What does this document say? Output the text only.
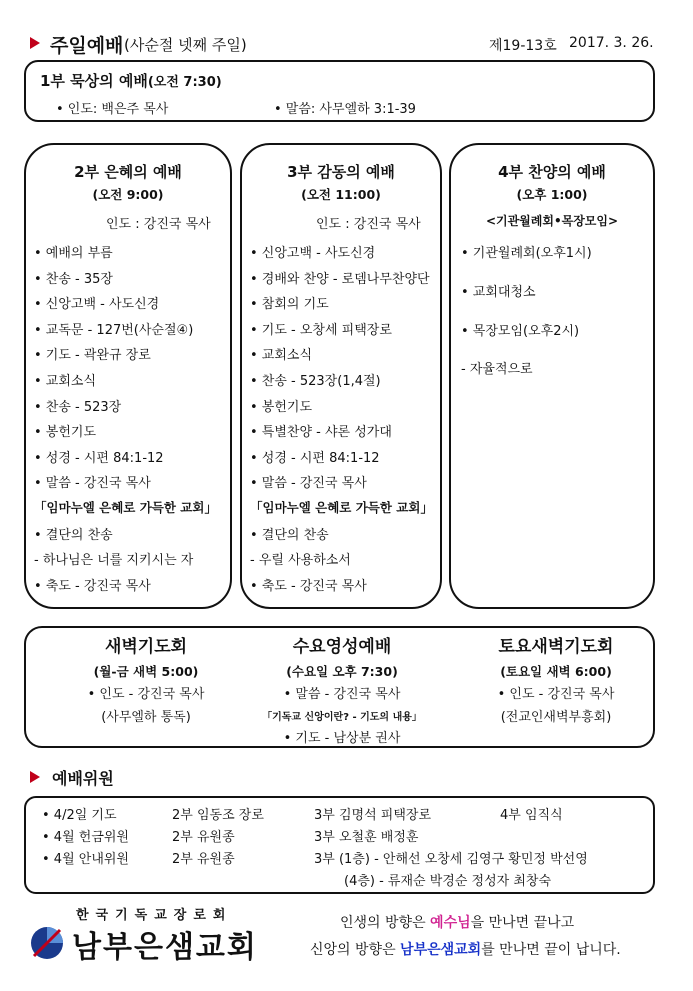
주일예배 (사순절 넷째 주일)	제19-13호 2017. 3. 26.
1부 묵상의 예배(오전 7:30)
• 인도: 백은주 목사	• 말씀: 사무엘하 3:1-39
2부 은혜의 예배
(오전 9:00)
인도 : 강진국 목사
• 예배의 부름
• 찬송 - 35장
• 신앙고백 - 사도신경
• 교독문 - 127번(사순절④)
• 기도 - 곽완규 장로
• 교회소식
• 찬송 - 523장
• 봉헌기도
• 성경 - 시편 84:1-12
• 말씀 - 강진국 목사
「임마누엘 은혜로 가득한 교회」
• 결단의 찬송
- 하나님은 너를 지키시는 자
• 축도 - 강진국 목사
3부 감동의 예배
(오전 11:00)
인도 : 강진국 목사
• 신앙고백 - 사도신경
• 경배와 찬양 - 로뎀나무찬양단
• 참회의 기도
• 기도 - 오창세 피택장로
• 교회소식
• 찬송 - 523장(1,4절)
• 봉헌기도
• 특별찬양 - 샤론 성가대
• 성경 - 시편 84:1-12
• 말씀 - 강진국 목사
「임마누엘 은혜로 가득한 교회」
• 결단의 찬송
- 우릴 사용하소서
• 축도 - 강진국 목사
4부 찬양의 예배
(오후 1:00)
<기관월례회•목장모임>
• 기관월례회(오후1시)
• 교회대청소
• 목장모임(오후2시)
- 자율적으로
새벽기도회
(월-금 새벽 5:00)
• 인도 - 강진국 목사
(사무엘하 통독)
수요영성예배
(수요일 오후 7:30)
• 말씀 - 강진국 목사
「기독교 신앙이란? - 기도의 내용」
• 기도 - 남상분 권사
토요새벽기도회
(토요일 새벽 6:00)
• 인도 - 강진국 목사
(전교인새벽부흥회)
예배위원
• 4/2일 기도	2부 임동조 장로	3부 김명석 피택장로	4부 임직식
• 4월 헌금위원	2부 유원종	3부 오철훈 배정훈
• 4월 안내위원	2부 유원종	3부 (1층) - 안해선 오창세 김영구 황민정 박선영
(4층) - 류재순 박경순 정성자 최창숙
한국기독교장로회
남부은샘교회
인생의 방향은 예수님을 만나면 끝나고
신앙의 방향은 남부은샘교회를 만나면 끝이 납니다.
